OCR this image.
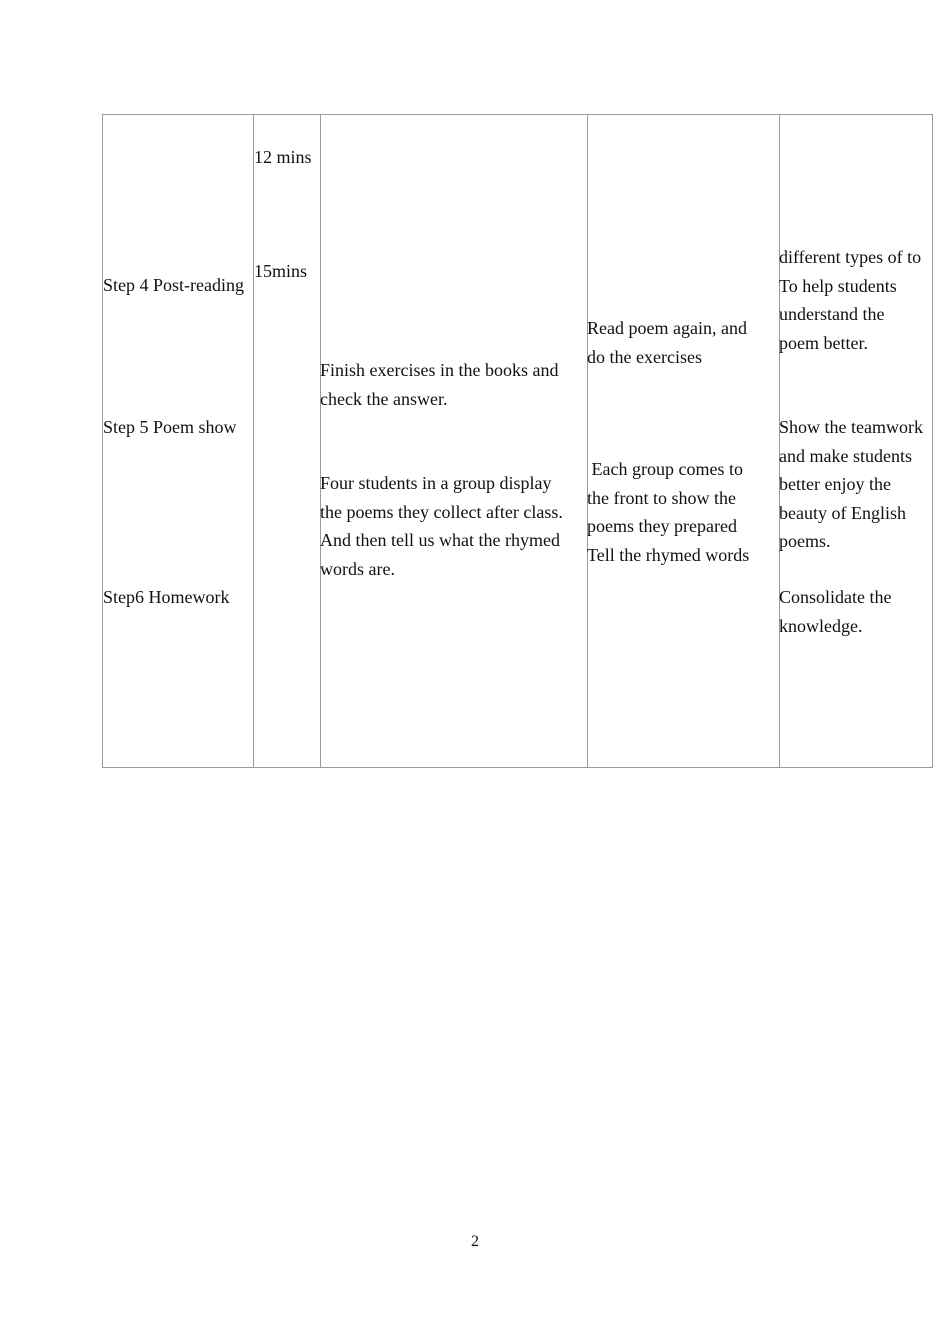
Step 4 Post-reading
Step 5 Poem show
Step6 Homework
12 mins
15mins
Finish exercises in the books and
check the answer.
Four students in a group display
the poems they collect after class.
And then tell us what the rhymed
words are.
Read poem again, and
do the exercises
Each group comes to
the front to show the
poems they prepared
Tell the rhymed words
different types of to
To help students
understand the
poem better.
Show the teamwork
and make students
better enjoy the
beauty of English
poems.
Consolidate the
knowledge.
2
